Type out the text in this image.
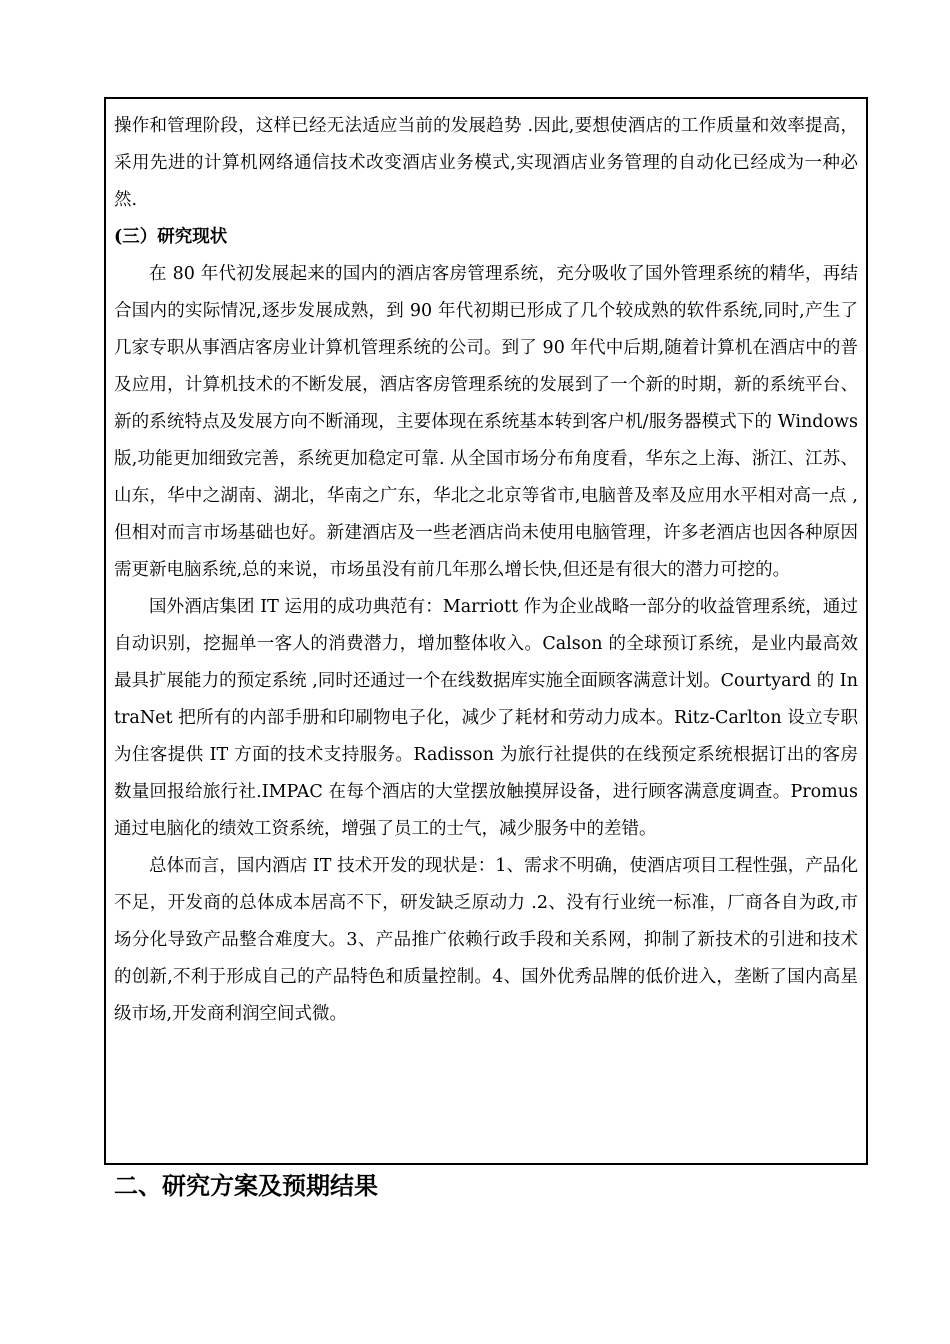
操作和管理阶段，这样已经无法适应当前的发展趋势 .因此,要想使酒店的工作质量和效率提高，采用先进的计算机网络通信技术改变酒店业务模式,实现酒店业务管理的自动化已经成为一种必然.

(三）研究现状

在 80 年代初发展起来的国内的酒店客房管理系统，充分吸收了国外管理系统的精华，再结合国内的实际情况,逐步发展成熟，到 90 年代初期已形成了几个较成熟的软件系统,同时,产生了几家专职从事酒店客房业计算机管理系统的公司。到了 90 年代中后期,随着计算机在酒店中的普及应用，计算机技术的不断发展，酒店客房管理系统的发展到了一个新的时期，新的系统平台、新的系统特点及发展方向不断涌现，主要体现在系统基本转到客户机/服务器模式下的 Windows 版,功能更加细致完善，系统更加稳定可靠. 从全国市场分布角度看，华东之上海、浙江、江苏、山东，华中之湖南、湖北，华南之广东，华北之北京等省市,电脑普及率及应用水平相对高一点 ,但相对而言市场基础也好。新建酒店及一些老酒店尚未使用电脑管理，许多老酒店也因各种原因需更新电脑系统,总的来说，市场虽没有前几年那么增长快,但还是有很大的潜力可挖的。

国外酒店集团 IT 运用的成功典范有：Marriott 作为企业战略一部分的收益管理系统，通过自动识别，挖掘单一客人的消费潜力，增加整体收入。Calson 的全球预订系统，是业内最高效最具扩展能力的预定系统 ,同时还通过一个在线数据库实施全面顾客满意计划。Courtyard 的 IntraNet 把所有的内部手册和印刷物电子化，减少了耗材和劳动力成本。Ritz-Carlton 设立专职为住客提供 IT 方面的技术支持服务。Radisson 为旅行社提供的在线预定系统根据订出的客房数量回报给旅行社.IMPAC 在每个酒店的大堂摆放触摸屏设备，进行顾客满意度调查。Promus 通过电脑化的绩效工资系统，增强了员工的士气，减少服务中的差错。

总体而言，国内酒店 IT 技术开发的现状是：1、需求不明确，使酒店项目工程性强，产品化不足，开发商的总体成本居高不下，研发缺乏原动力 .2、没有行业统一标准，厂商各自为政,市场分化导致产品整合难度大。3、产品推广依赖行政手段和关系网，抑制了新技术的引进和技术的创新,不利于形成自己的产品特色和质量控制。4、国外优秀品牌的低价进入，垄断了国内高星级市场,开发商利润空间式微。

二、研究方案及预期结果
